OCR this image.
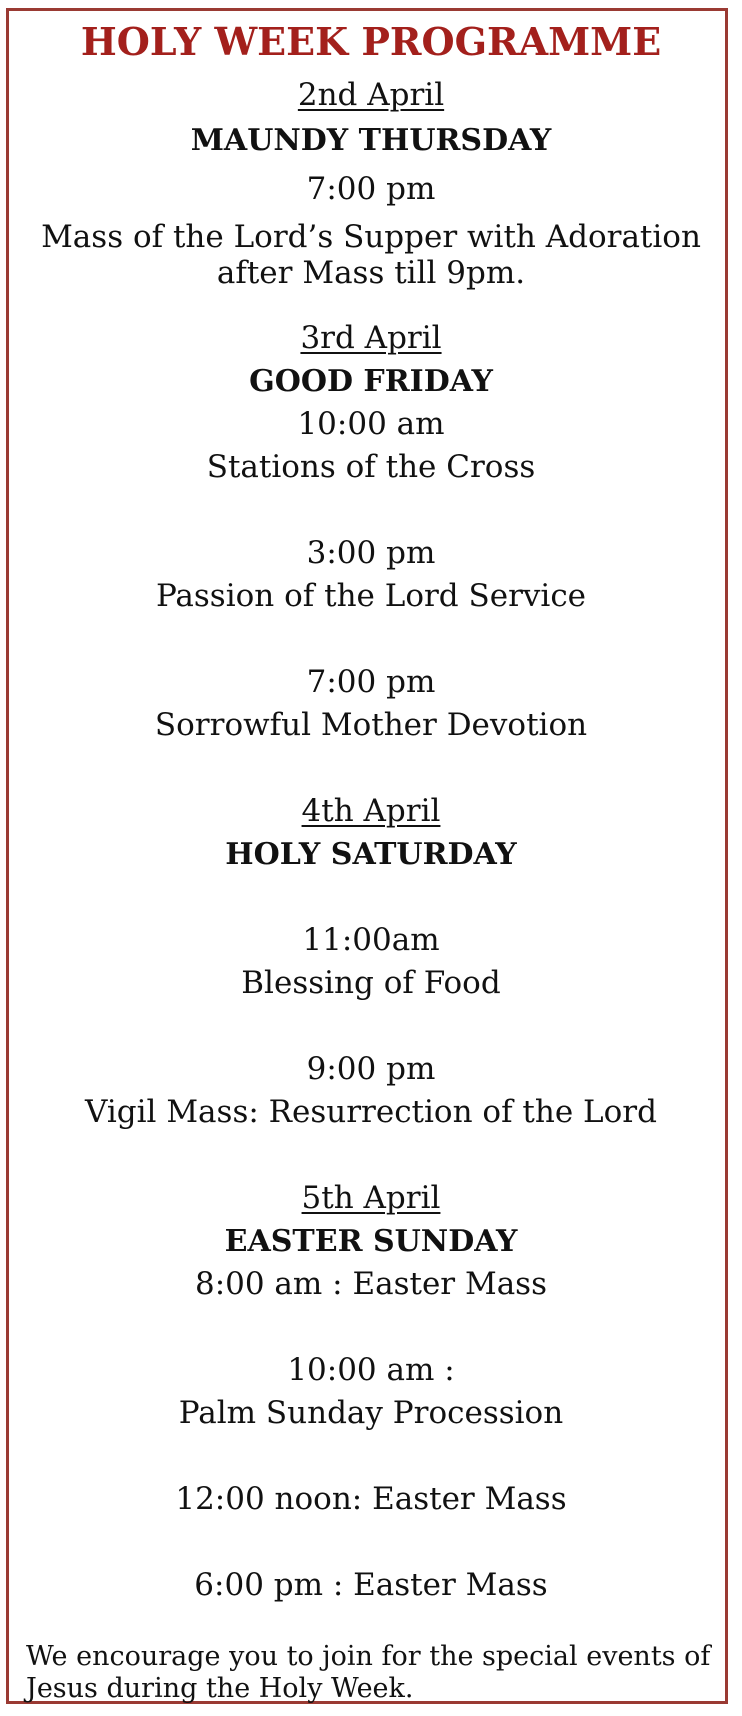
HOLY WEEK PROGRAMME
2nd April
MAUNDY THURSDAY
7:00 pm
Mass of the Lord’s Supper with Adoration after Mass till 9pm.
3rd April
GOOD FRIDAY
10:00 am
Stations of the Cross
3:00 pm
Passion of the Lord Service
7:00 pm
Sorrowful Mother Devotion
4th April
HOLY SATURDAY
11:00am
Blessing of Food
9:00 pm
Vigil Mass: Resurrection of the Lord
5th April
EASTER SUNDAY
8:00 am : Easter Mass
10:00 am :
Palm Sunday Procession
12:00 noon: Easter Mass
6:00 pm : Easter Mass
We encourage you to join for the special events of Jesus during the Holy Week.
